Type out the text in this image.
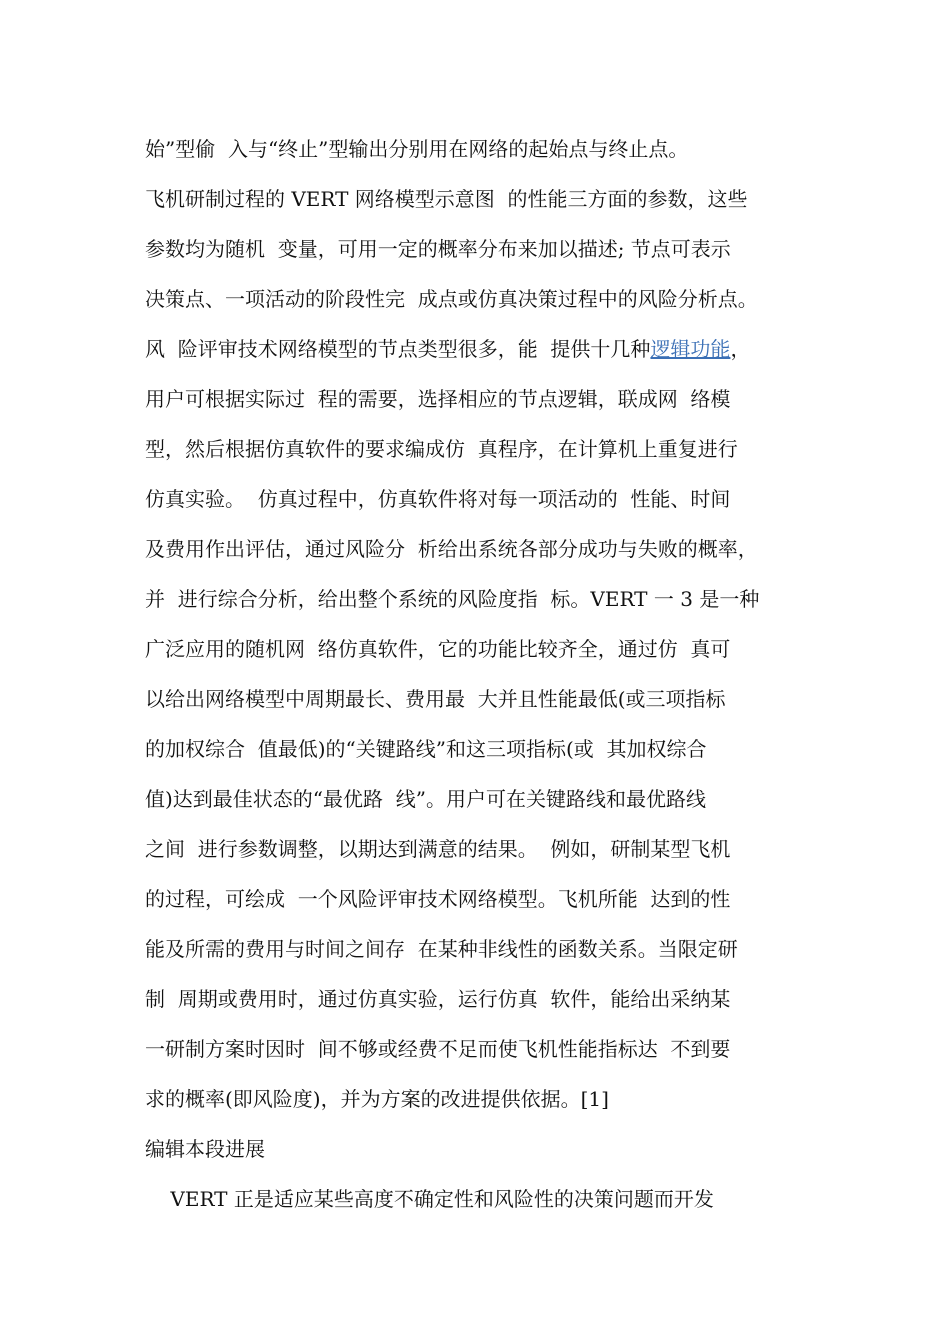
始”型偷  入与“终止”型输出分别用在网络的起始点与终止点。
飞机研制过程的 VERT 网络模型示意图  的性能三方面的参数，这些
参数均为随机  变量，可用一定的概率分布来加以描述; 节点可表示
决策点、一项活动的阶段性完  成点或仿真决策过程中的风险分析点。
风  险评审技术网络模型的节点类型很多，能  提供十几种逻辑功能，
用户可根据实际过  程的需要，选择相应的节点逻辑，联成网  络模
型，然后根据仿真软件的要求编成仿  真程序，在计算机上重复进行
仿真实验。  仿真过程中，仿真软件将对每一项活动的  性能、时间
及费用作出评估，通过风险分  析给出系统各部分成功与失败的概率，
并  进行综合分析，给出整个系统的风险度指  标。VERT 一 3 是一种
广泛应用的随机网  络仿真软件，它的功能比较齐全，通过仿  真可
以给出网络模型中周期最长、费用最  大并且性能最低(或三项指标
的加权综合  值最低)的“关键路线”和这三项指标(或  其加权综合
值)达到最佳状态的“最优路  线”。用户可在关键路线和最优路线
之间  进行参数调整，以期达到满意的结果。  例如，研制某型飞机
的过程，可绘成  一个风险评审技术网络模型。飞机所能  达到的性
能及所需的费用与时间之间存  在某种非线性的函数关系。当限定研
制  周期或费用时，通过仿真实验，运行仿真  软件，能给出采纳某
一研制方案时因时  间不够或经费不足而使飞机性能指标达  不到要
求的概率(即风险度)，并为方案的改进提供依据。[1]
编辑本段进展
VERT 正是适应某些高度不确定性和风险性的决策问题而开发
